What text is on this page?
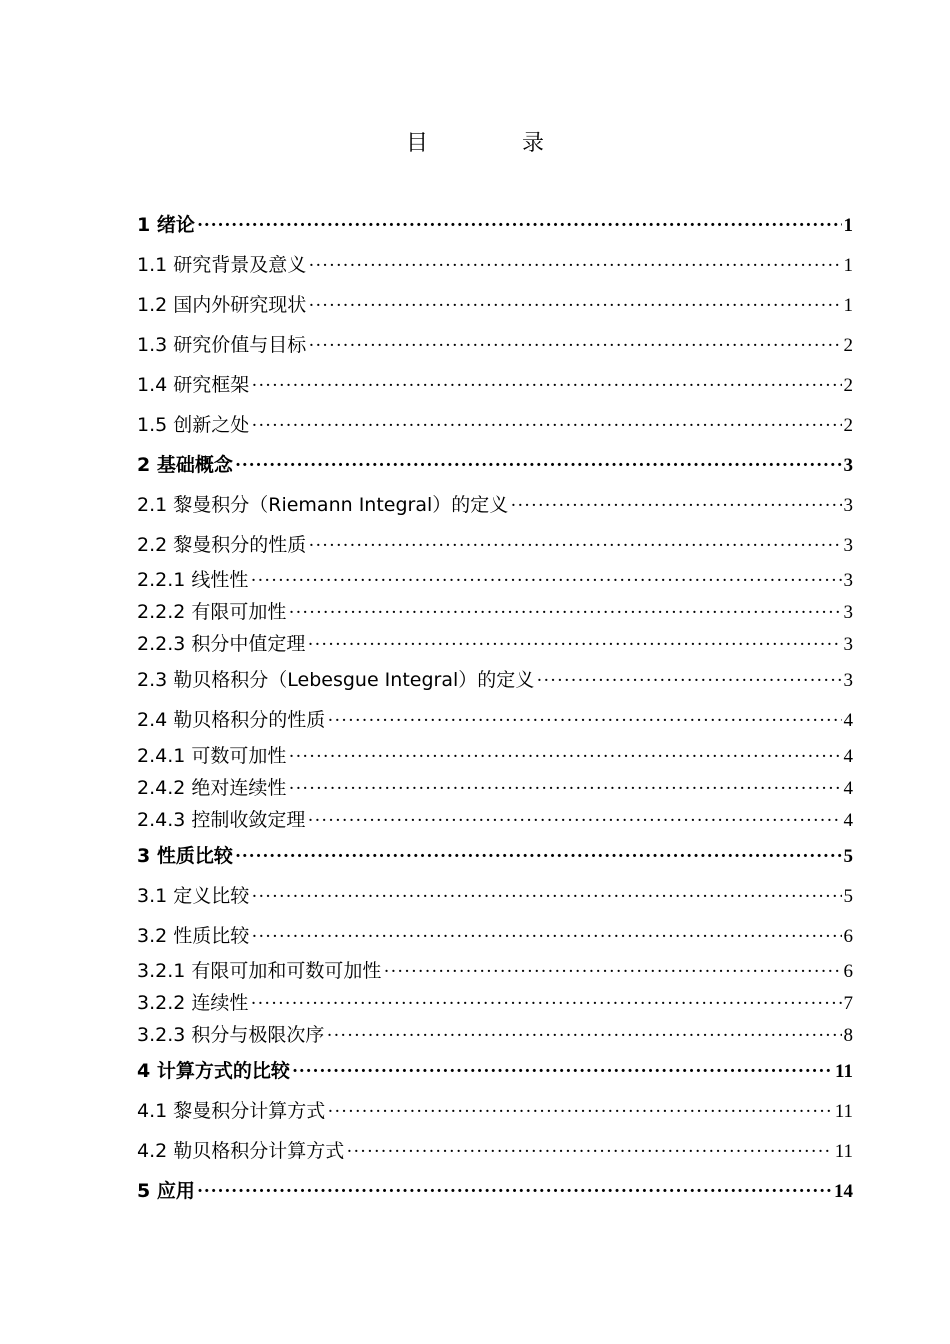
目	录
1 绪论 ·····	1
1.1 研究背景及意义 ·····	1
1.2 国内外研究现状 ·····	1
1.3 研究价值与目标 ·····	2
1.4 研究框架 ·····	2
1.5 创新之处 ·····	2
2 基础概念 ·····	3
2.1 黎曼积分（Riemann Integral）的定义 ·····	3
2.2 黎曼积分的性质 ·····	3
2.2.1 线性性 ·····	3
2.2.2 有限可加性 ·····	3
2.2.3 积分中值定理 ·····	3
2.3 勒贝格积分（Lebesgue Integral）的定义 ·····	3
2.4 勒贝格积分的性质 ·····	4
2.4.1 可数可加性 ·····	4
2.4.2 绝对连续性 ·····	4
2.4.3 控制收敛定理 ·····	4
3 性质比较 ·····	5
3.1 定义比较 ·····	5
3.2 性质比较 ·····	6
3.2.1 有限可加和可数可加性 ·····	6
3.2.2 连续性 ·····	7
3.2.3 积分与极限次序 ·····	8
4 计算方式的比较 ·····	11
4.1 黎曼积分计算方式 ·····	11
4.2 勒贝格积分计算方式 ·····	11
5 应用 ·····	14
